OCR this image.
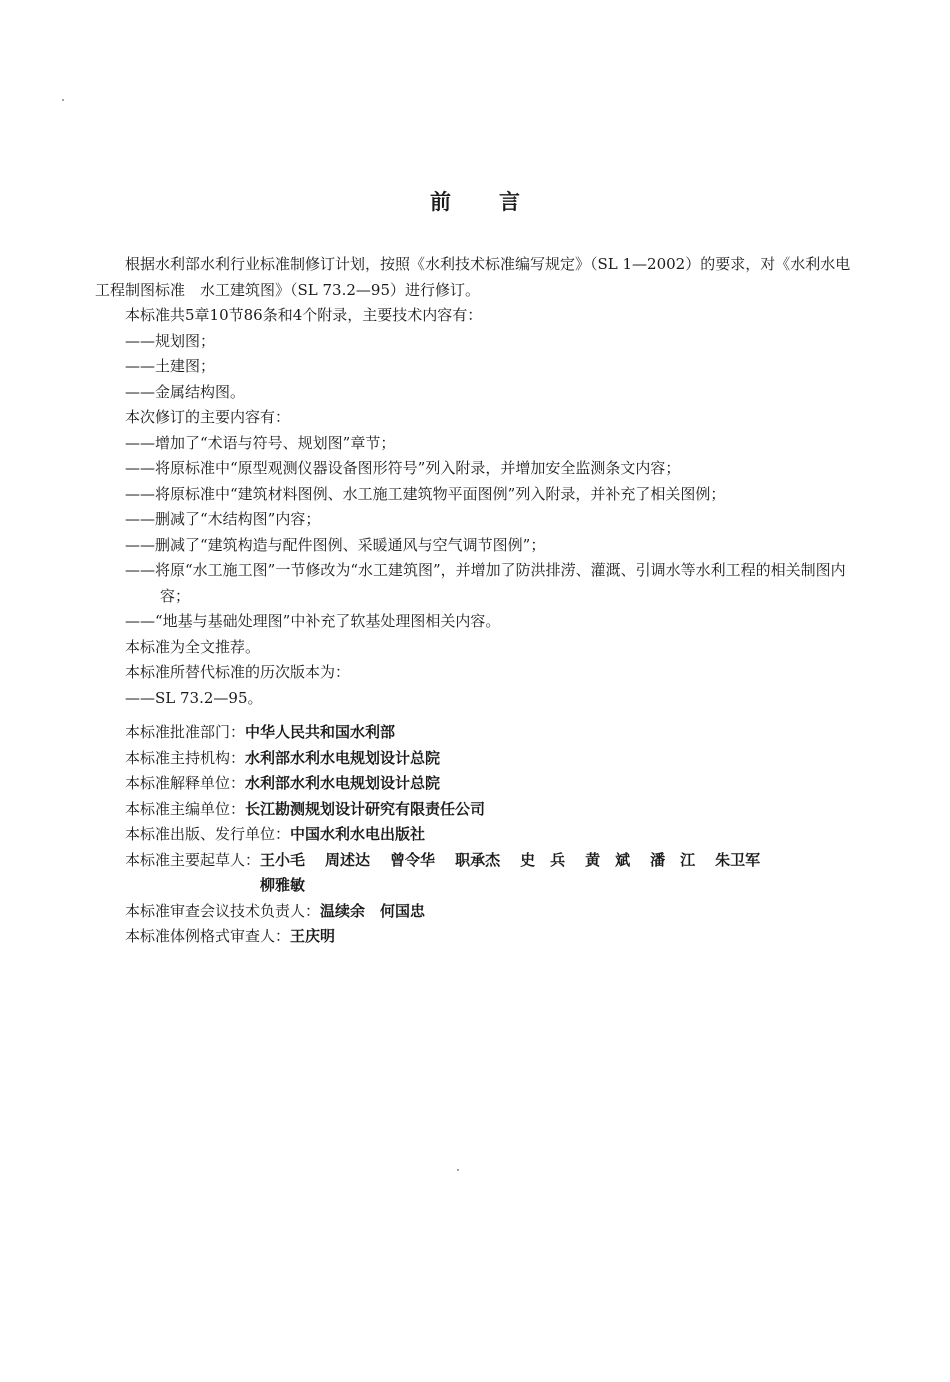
前言

根据水利部水利行业标准制修订计划，按照《水利技术标准编写规定》（SL 1—2002）的要求，对《水利水电工程制图标准　水工建筑图》（SL 73.2—95）进行修订。

本标准共5章10节86条和4个附录，主要技术内容有：

——规划图；

——土建图；

——金属结构图。

本次修订的主要内容有：

——增加了“术语与符号、规划图”章节；

——将原标准中“原型观测仪器设备图形符号”列入附录，并增加安全监测条文内容；

——将原标准中“建筑材料图例、水工施工建筑物平面图例”列入附录，并补充了相关图例；

——删减了“木结构图”内容；

——删减了“建筑构造与配件图例、采暖通风与空气调节图例”；

——将原“水工施工图”一节修改为“水工建筑图”，并增加了防洪排涝、灌溉、引调水等水利工程的相关制图内容；

——“地基与基础处理图”中补充了软基处理图相关内容。

本标准为全文推荐。

本标准所替代标准的历次版本为：

——SL 73.2—95。

本标准批准部门：中华人民共和国水利部

本标准主持机构：水利部水利水电规划设计总院

本标准解释单位：水利部水利水电规划设计总院

本标准主编单位：长江勘测规划设计研究有限责任公司

本标准出版、发行单位：中国水利水电出版社

本标准主要起草人：王小毛 周述达 曾令华 职承杰 史　兵 黄　斌 潘　江 朱卫军

柳雅敏

本标准审查会议技术负责人：温续余　何国忠

本标准体例格式审查人：王庆明
